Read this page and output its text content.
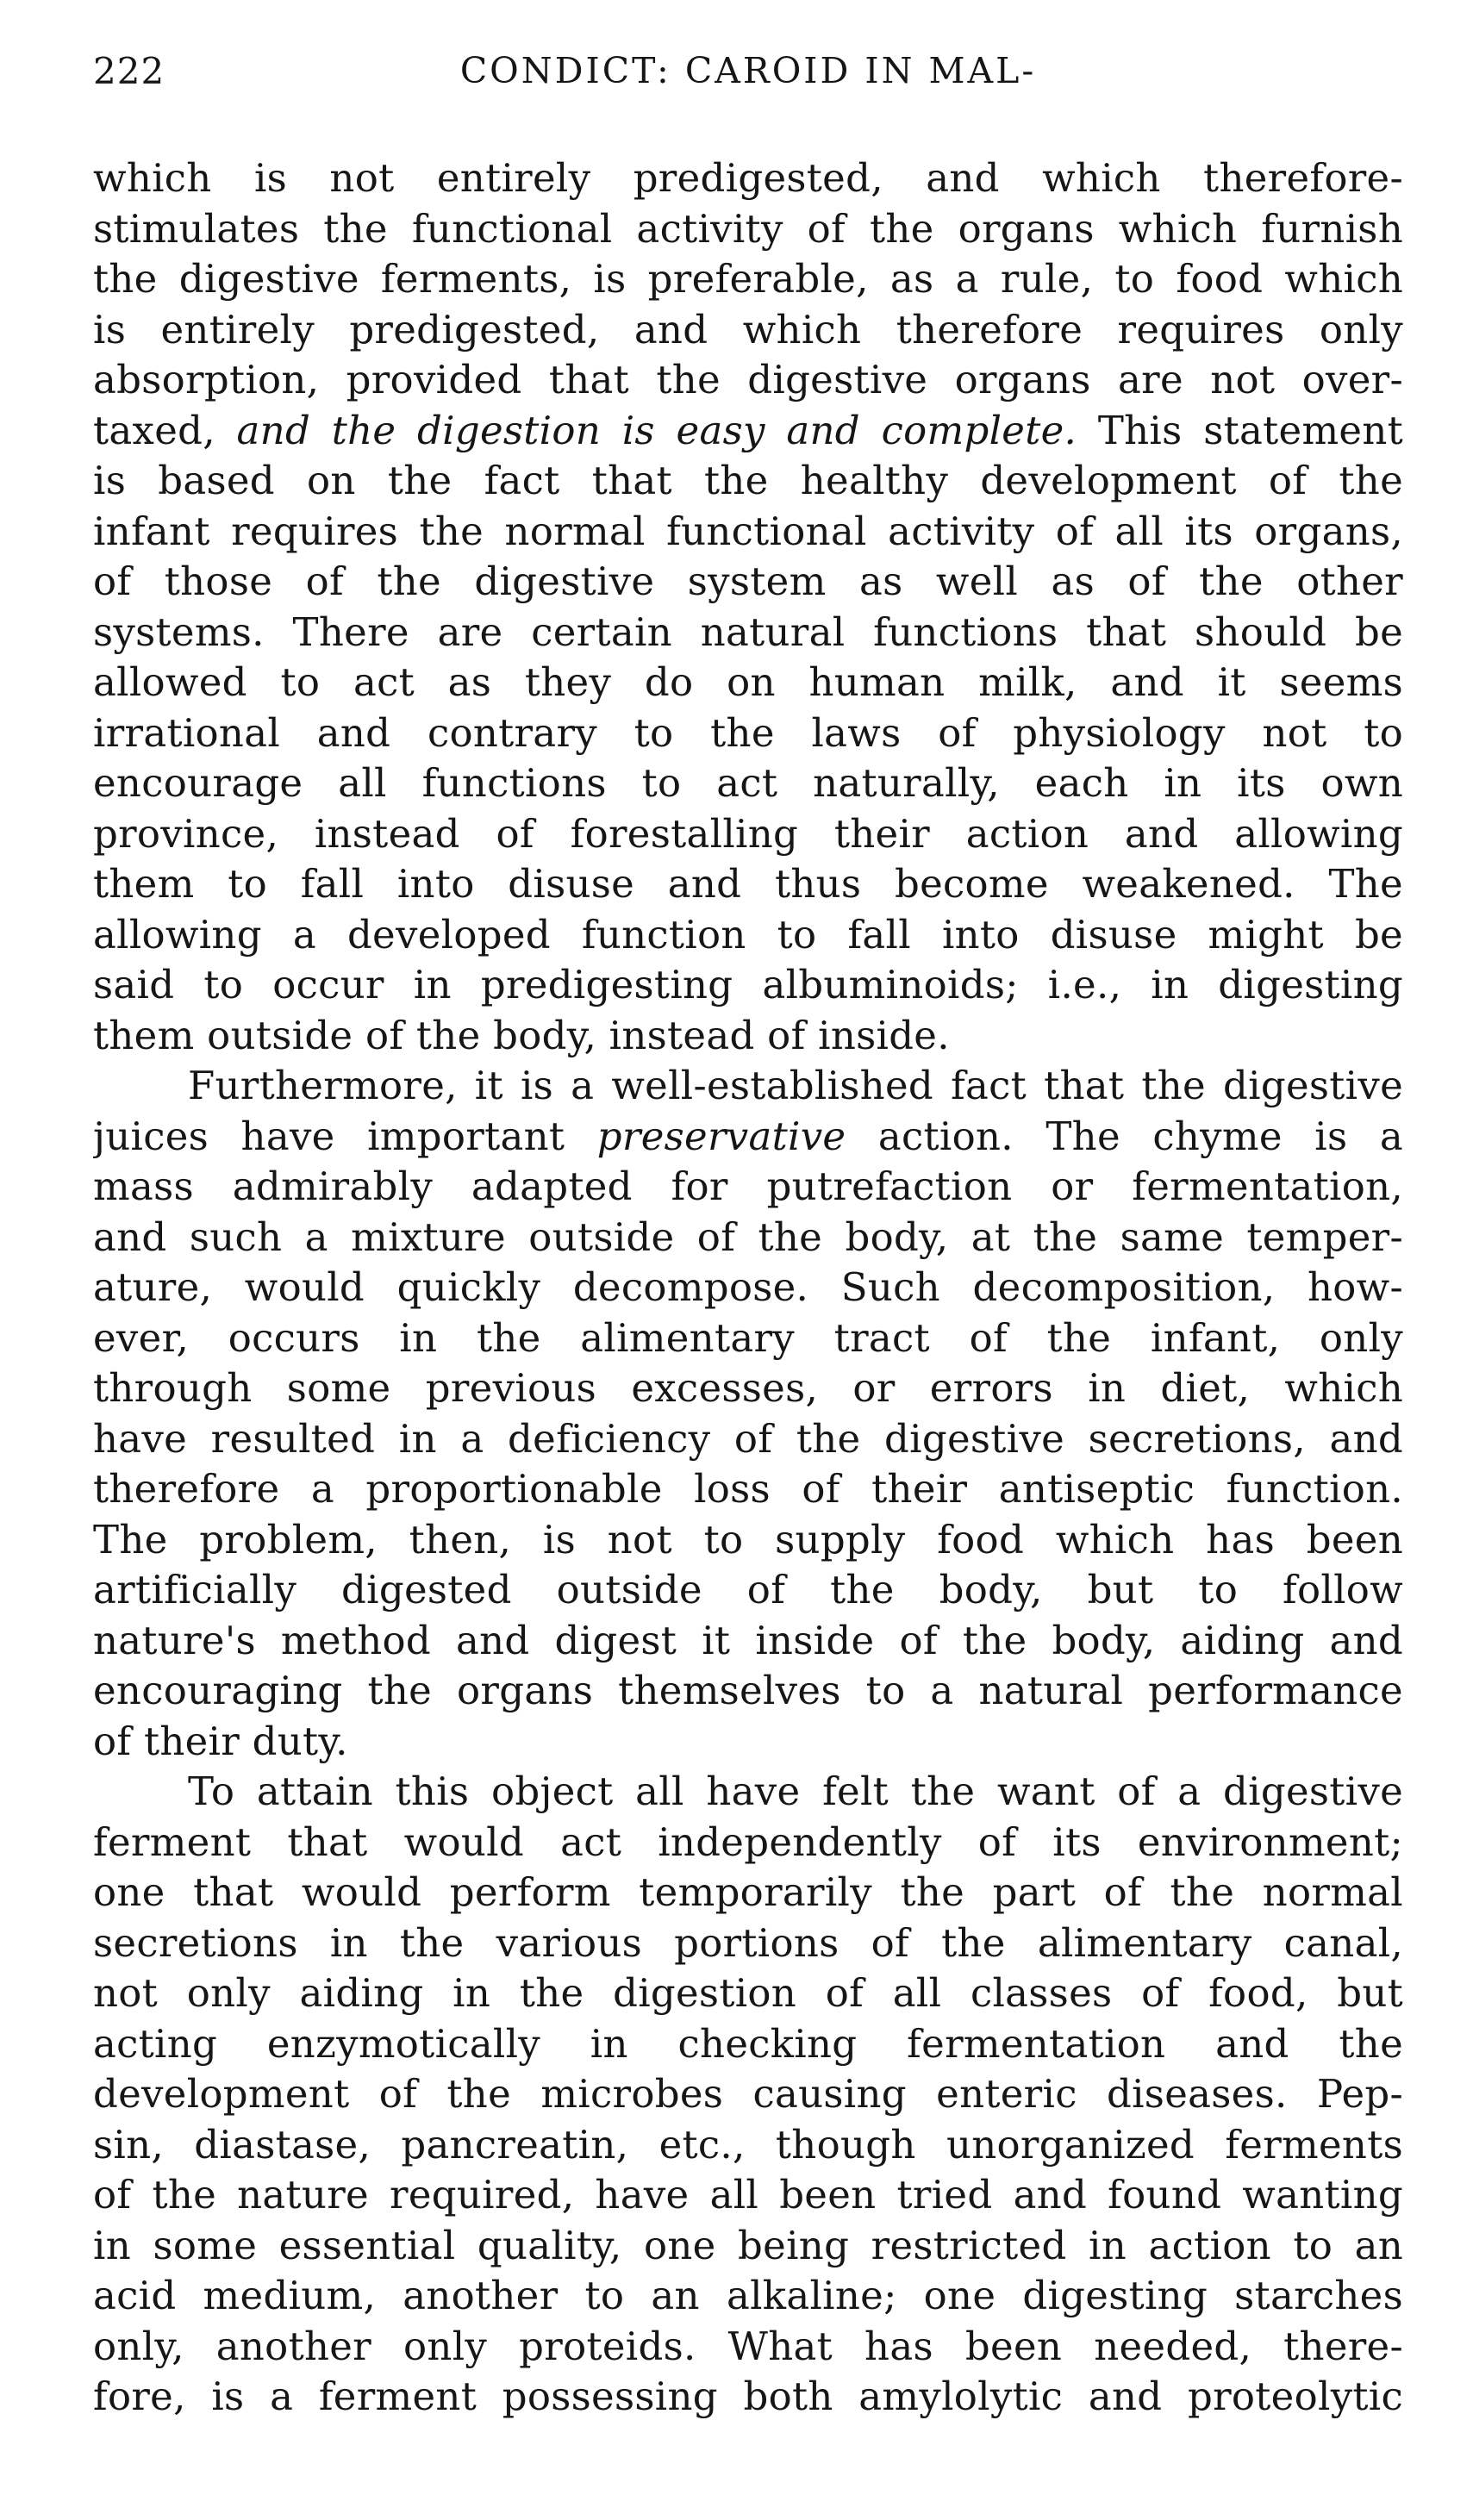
222	CONDICT: CAROID IN MAL-
which is not entirely predigested, and which therefore-
stimulates the functional activity of the organs which furnish
the digestive ferments, is preferable, as a rule, to food which
is entirely predigested, and which therefore requires only
absorption, provided that the digestive organs are not over-
taxed, and the digestion is easy and complete. This statement
is based on the fact that the healthy development of the
infant requires the normal functional activity of all its organs,
of those of the digestive system as well as of the other
systems. There are certain natural functions that should be
allowed to act as they do on human milk, and it seems
irrational and contrary to the laws of physiology not to
encourage all functions to act naturally, each in its own
province, instead of forestalling their action and allowing
them to fall into disuse and thus become weakened. The
allowing a developed function to fall into disuse might be
said to occur in predigesting albuminoids; i.e., in digesting
them outside of the body, instead of inside.
Furthermore, it is a well-established fact that the digestive
juices have important preservative action. The chyme is a
mass admirably adapted for putrefaction or fermentation,
and such a mixture outside of the body, at the same temper-
ature, would quickly decompose. Such decomposition, how-
ever, occurs in the alimentary tract of the infant, only
through some previous excesses, or errors in diet, which
have resulted in a deficiency of the digestive secretions, and
therefore a proportionable loss of their antiseptic function.
The problem, then, is not to supply food which has been
artificially digested outside of the body, but to follow
nature's method and digest it inside of the body, aiding and
encouraging the organs themselves to a natural performance
of their duty.
To attain this object all have felt the want of a digestive
ferment that would act independently of its environment;
one that would perform temporarily the part of the normal
secretions in the various portions of the alimentary canal,
not only aiding in the digestion of all classes of food, but
acting enzymotically in checking fermentation and the
development of the microbes causing enteric diseases. Pep-
sin, diastase, pancreatin, etc., though unorganized ferments
of the nature required, have all been tried and found wanting
in some essential quality, one being restricted in action to an
acid medium, another to an alkaline; one digesting starches
only, another only proteids. What has been needed, there-
fore, is a ferment possessing both amylolytic and proteolytic
